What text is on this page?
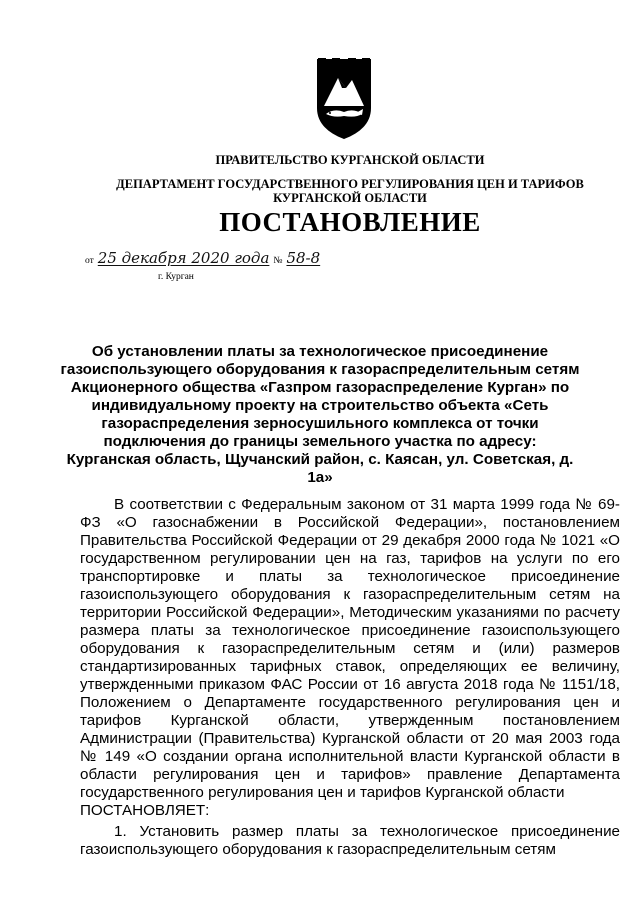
ПРАВИТЕЛЬСТВО КУРГАНСКОЙ ОБЛАСТИ
ДЕПАРТАМЕНТ ГОСУДАРСТВЕННОГО РЕГУЛИРОВАНИЯ ЦЕН И ТАРИФОВ
КУРГАНСКОЙ ОБЛАСТИ
ПОСТАНОВЛЕНИЕ
от 25 декабря 2020 года № 58-8
г. Курган
Об установлении платы за технологическое присоединение газоиспользующего оборудования к газораспределительным сетям Акционерного общества «Газпром газораспределение Курган» по индивидуальному проекту на строительство объекта «Сеть газораспределения зерносушильного комплекса от точки подключения до границы земельного участка по адресу: Курганская область, Щучанский район, с. Каясан, ул. Советская, д. 1а»

В соответствии с Федеральным законом от 31 марта 1999 года № 69-ФЗ «О газоснабжении в Российской Федерации», постановлением Правительства Российской Федерации от 29 декабря 2000 года № 1021 «О государственном регулировании цен на газ, тарифов на услуги по его транспортировке и платы за технологическое присоединение газоиспользующего оборудования к газораспределительным сетям на территории Российской Федерации», Методическим указаниями по расчету размера платы за технологическое присоединение газоиспользующего оборудования к газораспределительным сетям и (или) размеров стандартизированных тарифных ставок, определяющих ее величину, утвержденными приказом ФАС России от 16 августа 2018 года № 1151/18, Положением о Департаменте государственного регулирования цен и тарифов Курганской области, утвержденным постановлением Администрации (Правительства) Курганской области от 20 мая 2003 года № 149 «О создании органа исполнительной власти Курганской области в области регулирования цен и тарифов» правление Департамента государственного регулирования цен и тарифов Курганской области

ПОСТАНОВЛЯЕТ:

1. Установить размер платы за технологическое присоединение газоиспользующего оборудования к газораспределительным сетям
